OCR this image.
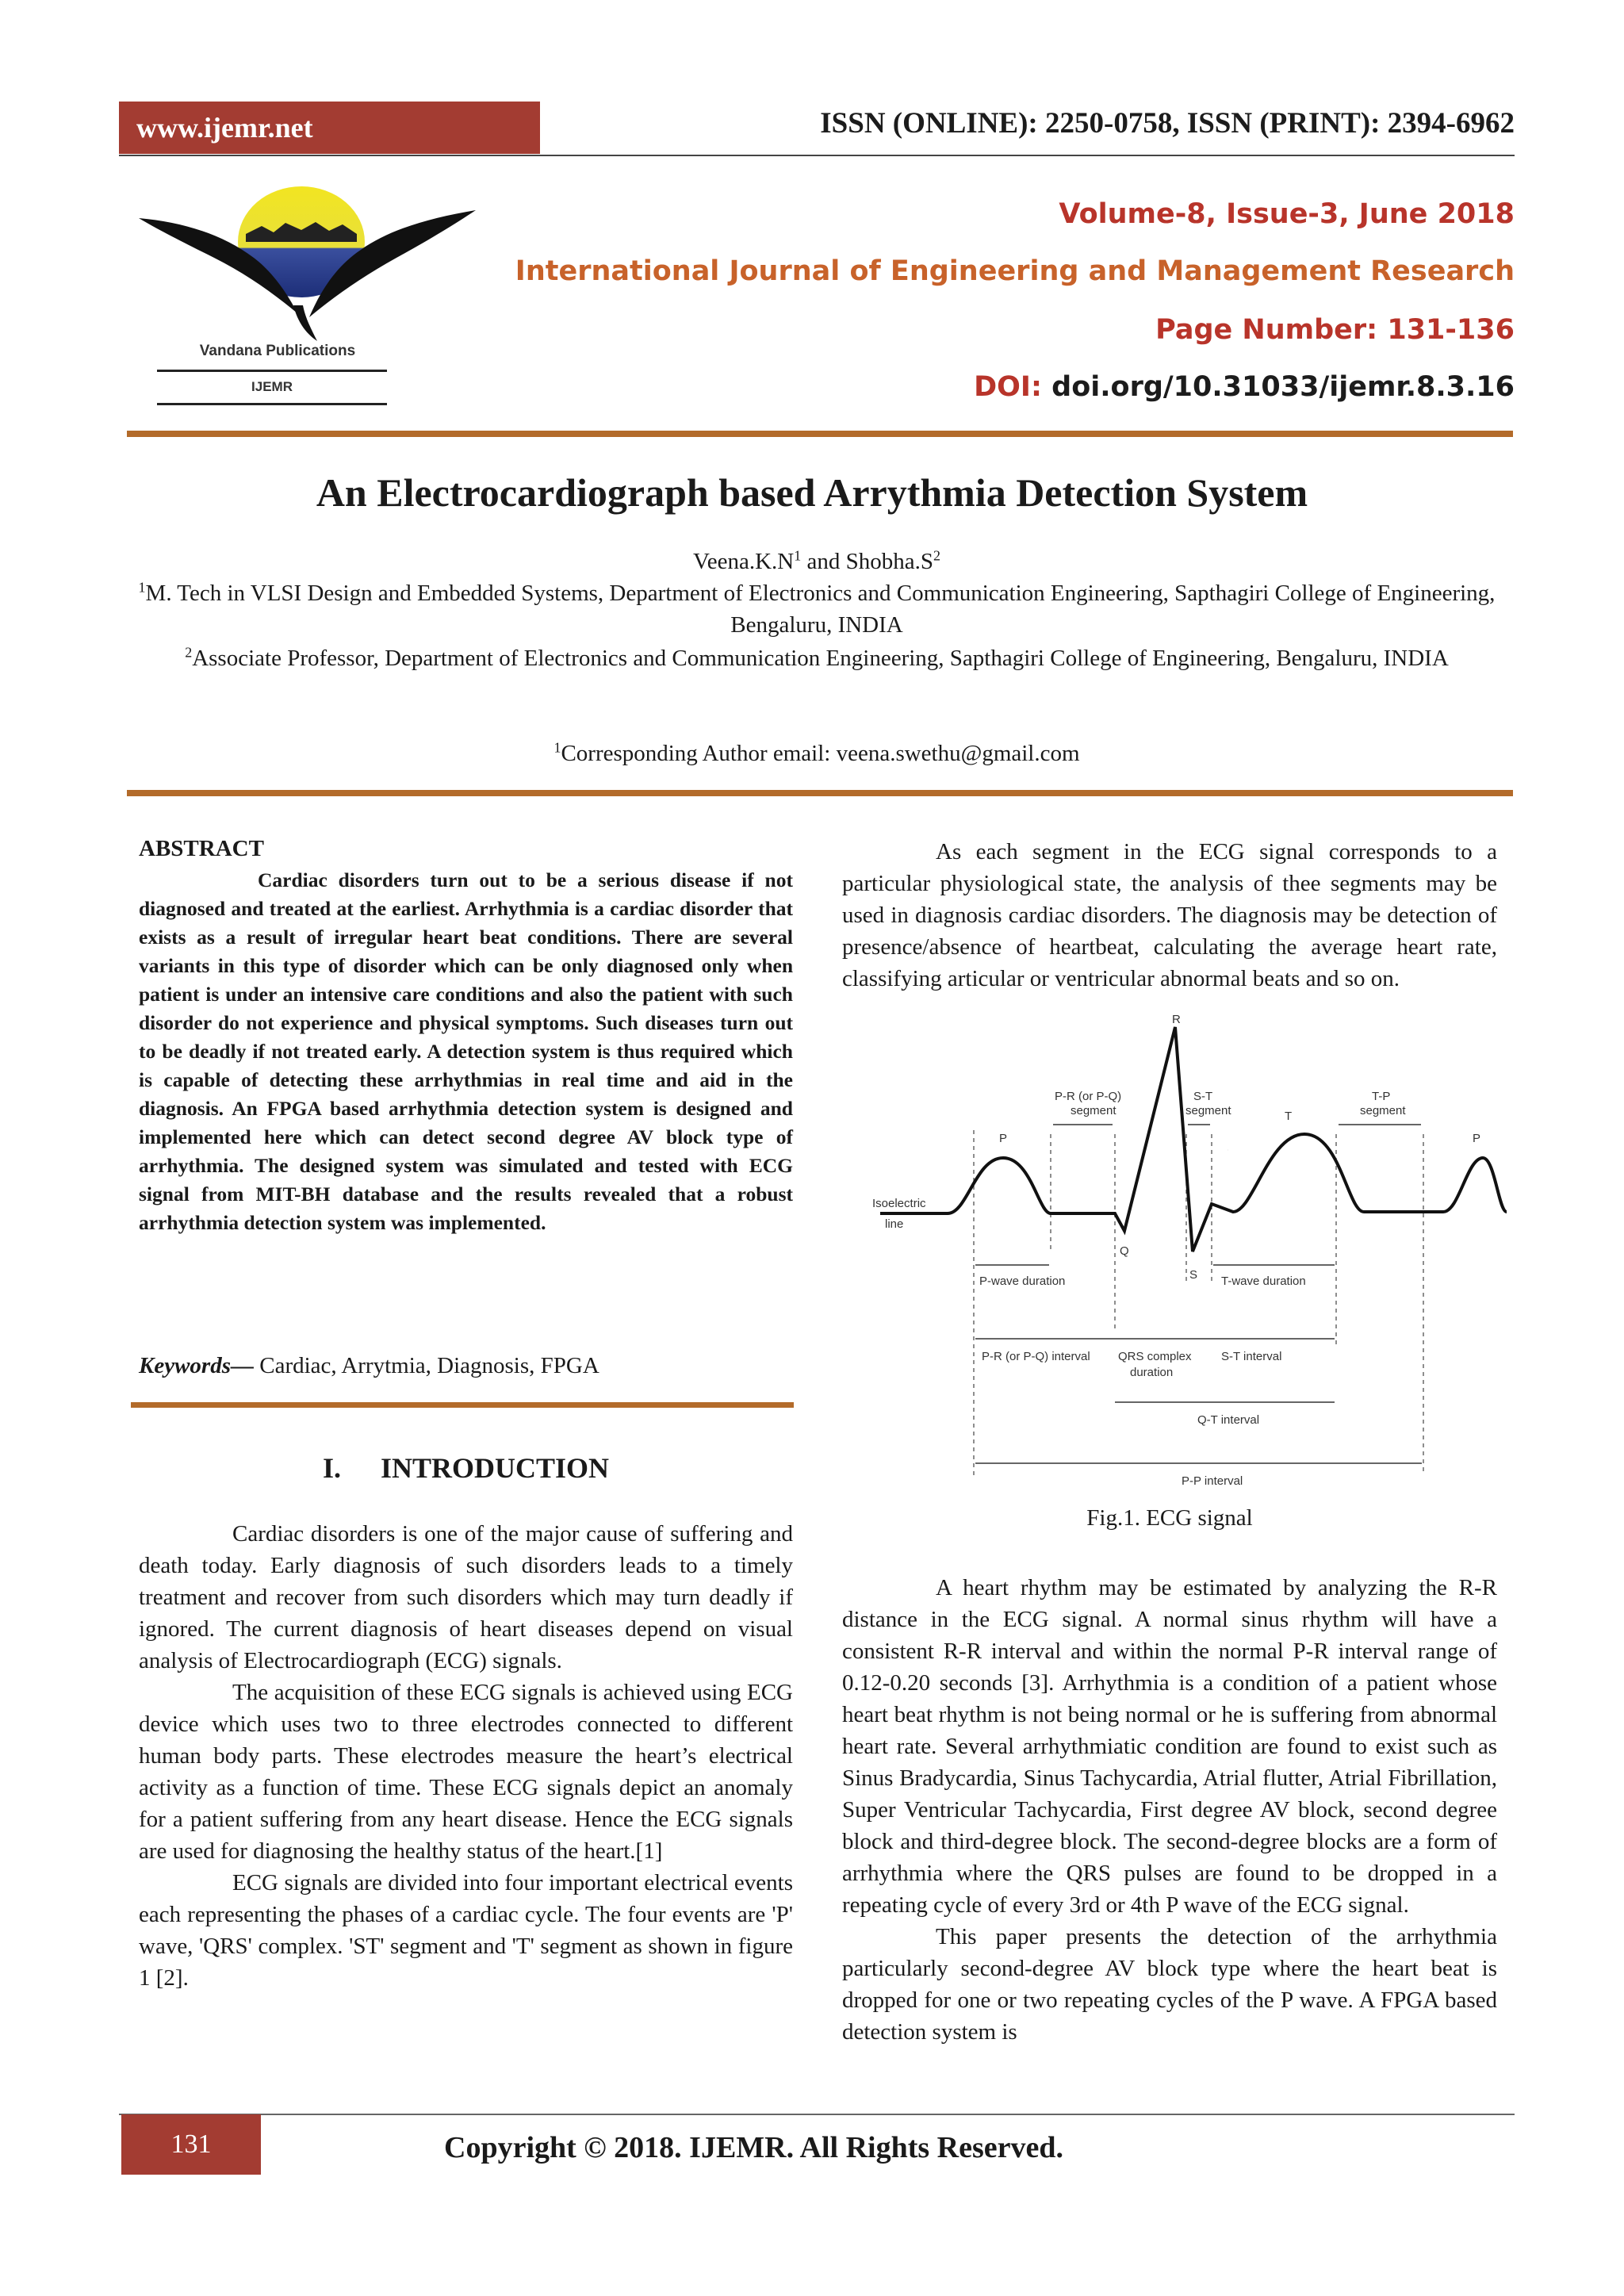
www.ijemr.net	ISSN (ONLINE): 2250-0758, ISSN (PRINT): 2394-6962
Vandana Publications
IJEMR
Volume-8, Issue-3, June 2018
International Journal of Engineering and Management Research
Page Number: 131-136
DOI: doi.org/10.31033/ijemr.8.3.16
An Electrocardiograph based Arrythmia Detection System
$Veena.K.N^1$ and $Shobha.S^2$
$^1$M. Tech in VLSI Design and Embedded Systems, Department of Electronics and Communication Engineering, Sapthagiri College of Engineering, Bengaluru, INDIA
$^2$Associate Professor, Department of Electronics and Communication Engineering, Sapthagiri College of Engineering, Bengaluru, INDIA
$^1$Corresponding Author email: veena.swethu@gmail.com
ABSTRACT

Cardiac disorders turn out to be a serious disease if not diagnosed and treated at the earliest. Arrhythmia is a cardiac disorder that exists as a result of irregular heart beat conditions. There are several variants in this type of disorder which can be only diagnosed only when patient is under an intensive care conditions and also the patient with such disorder do not experience and physical symptoms. Such diseases turn out to be deadly if not treated early. A detection system is thus required which is capable of detecting these arrhythmias in real time and aid in the diagnosis. An FPGA based arrhythmia detection system is designed and implemented here which can detect second degree AV block type of arrhythmia. The designed system was simulated and tested with ECG signal from MIT-BH database and the results revealed that a robust arrhythmia detection system was implemented.

Keywords— Cardiac, Arrytmia, Diagnosis, FPGA
I. INTRODUCTION

Cardiac disorders is one of the major cause of suffering and death today. Early diagnosis of such disorders leads to a timely treatment and recover from such disorders which may turn deadly if ignored. The current diagnosis of heart diseases depend on visual analysis of Electrocardiograph (ECG) signals.

The acquisition of these ECG signals is achieved using ECG device which uses two to three electrodes connected to different human body parts. These electrodes measure the heart’s electrical activity as a function of time. These ECG signals depict an anomaly for a patient suffering from any heart disease. Hence the ECG signals are used for diagnosing the healthy status of the heart.[1]

ECG signals are divided into four important electrical events each representing the phases of a cardiac cycle. The four events are 'P' wave, 'QRS' complex. 'ST' segment and 'T' segment as shown in figure 1 [2].

As each segment in the ECG signal corresponds to a particular physiological state, the analysis of thee segments may be used in diagnosis cardiac disorders. The diagnosis may be detection of presence/absence of heartbeat, calculating the average heart rate, classifying articular or ventricular abnormal beats and so on.

R
P	P
T
Q
S
Isoelectric
line
P-R (or P-Q)
segment
S-T
segment
T-P
segment
P-wave duration	T-wave duration
P-R (or P-Q) interval QRS complex
duration
S-T interval
Q-T interval
P-P interval
Fig.1. ECG signal

A heart rhythm may be estimated by analyzing the R-R distance in the ECG signal. A normal sinus rhythm will have a consistent R-R interval and within the normal P-R interval range of 0.12-0.20 seconds [3]. Arrhythmia is a condition of a patient whose heart beat rhythm is not being normal or he is suffering from abnormal heart rate. Several arrhythmiatic condition are found to exist such as Sinus Bradycardia, Sinus Tachycardia, Atrial flutter, Atrial Fibrillation, Super Ventricular Tachycardia, First degree AV block, second degree block and third-degree block. The second-degree blocks are a form of arrhythmia where the QRS pulses are found to be dropped in a repeating cycle of every 3rd or 4th P wave of the ECG signal.

This paper presents the detection of the arrhythmia particularly second-degree AV block type where the heart beat is dropped for one or two repeating cycles of the P wave. A FPGA based detection system is

131	Copyright © 2018. IJEMR. All Rights Reserved.
